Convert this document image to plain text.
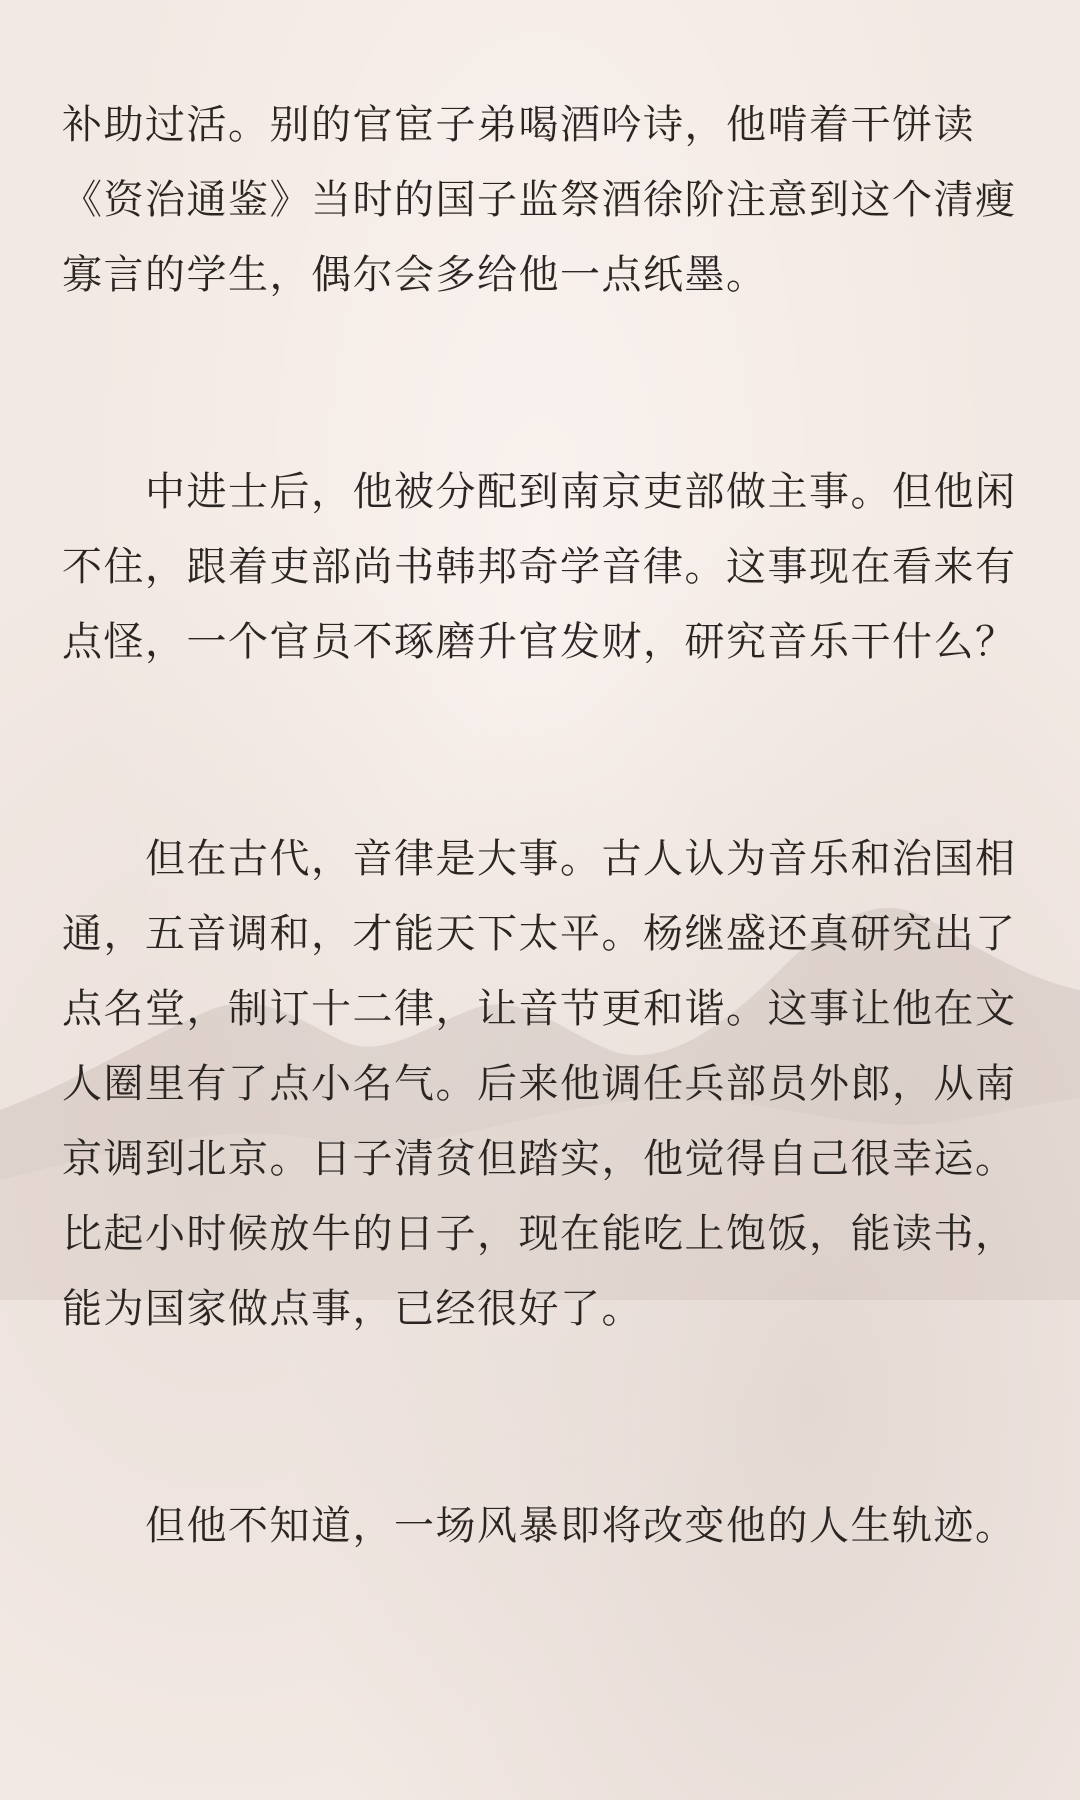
补助过活。别的官宦子弟喝酒吟诗，他啃着干饼读《资治通鉴》当时的国子监祭酒徐阶注意到这个清瘦寡言的学生，偶尔会多给他一点纸墨。

　　中进士后，他被分配到南京吏部做主事。但他闲不住，跟着吏部尚书韩邦奇学音律。这事现在看来有点怪，一个官员不琢磨升官发财，研究音乐干什么？

　　但在古代，音律是大事。古人认为音乐和治国相通，五音调和，才能天下太平。杨继盛还真研究出了点名堂，制订十二律，让音节更和谐。这事让他在文人圈里有了点小名气。后来他调任兵部员外郎，从南京调到北京。日子清贫但踏实，他觉得自己很幸运。比起小时候放牛的日子，现在能吃上饱饭，能读书，能为国家做点事，已经很好了。

　　但他不知道，一场风暴即将改变他的人生轨迹。
